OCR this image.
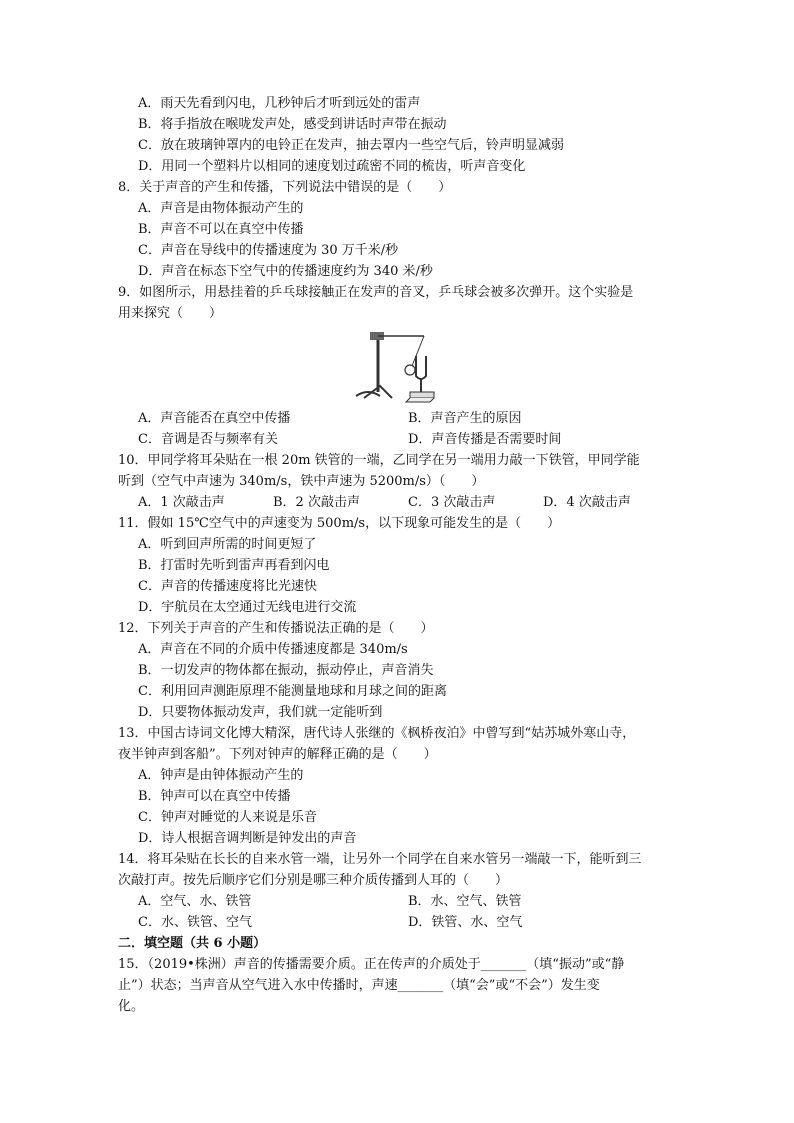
A．雨天先看到闪电，几秒钟后才听到远处的雷声
B．将手指放在喉咙发声处，感受到讲话时声带在振动
C．放在玻璃钟罩内的电铃正在发声，抽去罩内一些空气后，铃声明显减弱
D．用同一个塑料片以相同的速度划过疏密不同的梳齿，听声音变化
8．关于声音的产生和传播，下列说法中错误的是（　　）
A．声音是由物体振动产生的
B．声音不可以在真空中传播
C．声音在导线中的传播速度为 30 万千米/秒
D．声音在标态下空气中的传播速度约为 340 米/秒
9．如图所示，用悬挂着的乒乓球接触正在发声的音叉，乒乓球会被多次弹开。这个实验是
用来探究（　　）
A．声音能否在真空中传播	B．声音产生的原因
C．音调是否与频率有关	D．声音传播是否需要时间
10．甲同学将耳朵贴在一根 20m 铁管的一端，乙同学在另一端用力敲一下铁管，甲同学能
听到（空气中声速为 340m/s，铁中声速为 5200m/s）（　　）
A．1 次敲击声	B．2 次敲击声	C．3 次敲击声	D．4 次敲击声
11．假如 15℃空气中的声速变为 500m/s，以下现象可能发生的是（　　）
A．听到回声所需的时间更短了
B．打雷时先听到雷声再看到闪电
C．声音的传播速度将比光速快
D．宇航员在太空通过无线电进行交流
12．下列关于声音的产生和传播说法正确的是（　　）
A．声音在不同的介质中传播速度都是 340m/s
B．一切发声的物体都在振动，振动停止，声音消失
C．利用回声测距原理不能测量地球和月球之间的距离
D．只要物体振动发声，我们就一定能听到
13．中国古诗词文化博大精深，唐代诗人张继的《枫桥夜泊》中曾写到“姑苏城外寒山寺，
夜半钟声到客船”。下列对钟声的解释正确的是（　　）
A．钟声是由钟体振动产生的
B．钟声可以在真空中传播
C．钟声对睡觉的人来说是乐音
D．诗人根据音调判断是钟发出的声音
14．将耳朵贴在长长的自来水管一端，让另外一个同学在自来水管另一端敲一下，能听到三
次敲打声。按先后顺序它们分别是哪三种介质传播到人耳的（　　）
A．空气、水、铁管	B．水、空气、铁管
C．水、铁管、空气	D．铁管、水、空气
二．填空题（共 6 小题）
15．（2019•株洲）声音的传播需要介质。正在传声的介质处于_______（填“振动”或“静
止”）状态；当声音从空气进入水中传播时，声速_______（填“会”或“不会”）发生变
化。
